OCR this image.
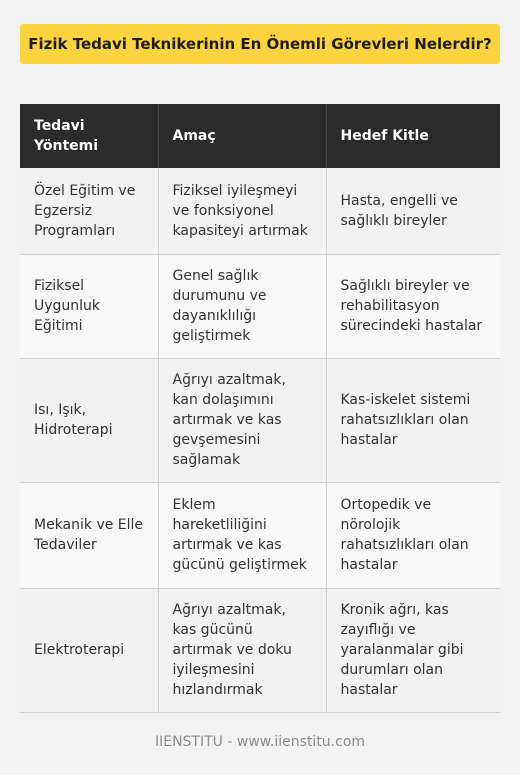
Fizik Tedavi Teknikerinin En Önemli Görevleri Nelerdir?
Tedavi
Yöntemi	Amaç	Hedef Kitle
Özel Eğitim ve Egzersiz Programları	Fiziksel iyileşmeyi ve fonksiyonel kapasiteyi artırmak	Hasta, engelli ve sağlıklı bireyler
Fiziksel Uygunluk Eğitimi	Genel sağlık durumunu ve dayanıklılığı geliştirmek	Sağlıklı bireyler ve rehabilitasyon sürecindeki hastalar
Isı, Işık, Hidroterapi	Ağrıyı azaltmak, kan dolaşımını artırmak ve kas gevşemesini sağlamak	Kas-iskelet sistemi rahatsızlıkları olan hastalar
Mekanik ve Elle Tedaviler	Eklem hareketliliğini artırmak ve kas gücünü geliştirmek	Ortopedik ve nörolojik rahatsızlıkları olan hastalar
Elektroterapi	Ağrıyı azaltmak, kas gücünü artırmak ve doku iyileşmesini hızlandırmak	Kronik ağrı, kas zayıflığı ve yaralanmalar gibi durumları olan hastalar
IIENSTITU - www.iienstitu.com
